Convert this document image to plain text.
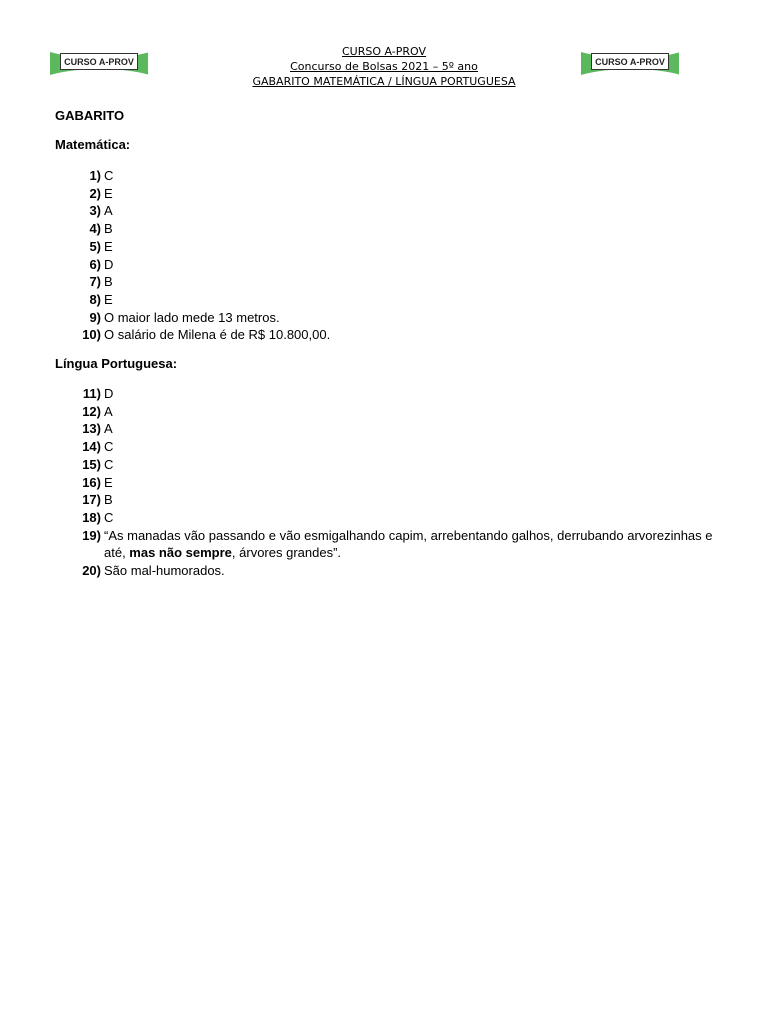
CURSO A-PROV
CURSO A-PROV
Concurso de Bolsas 2021 – 5º ano
GABARITO MATEMÁTICA / LÍNGUA PORTUGUESA
CURSO A-PROV

GABARITO

Matemática:

1) C
2) E
3) A
4) B
5) E
6) D
7) B
8) E
9) O maior lado mede 13 metros.
10) O salário de Milena é de R$ 10.800,00.

Língua Portuguesa:

11) D
12) A
13) A
14) C
15) C
16) E
17) B
18) C
19) “As manadas vão passando e vão esmigalhando capim, arrebentando galhos, derrubando arvorezinhas e até, mas não sempre, árvores grandes”.
20) São mal-humorados.
